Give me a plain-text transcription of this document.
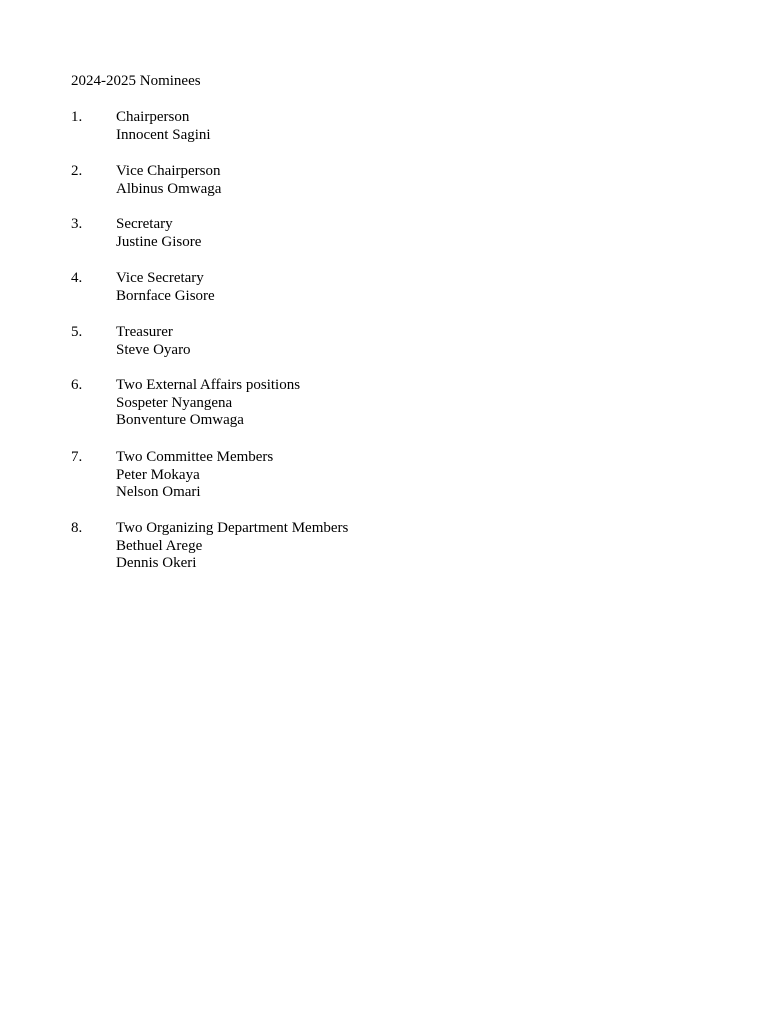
2024-2025 Nominees
1. Chairperson
Innocent Sagini
2. Vice Chairperson
Albinus Omwaga
3. Secretary
Justine Gisore
4. Vice Secretary
Bornface Gisore
5. Treasurer
Steve Oyaro
6. Two External Affairs positions
Sospeter Nyangena
Bonventure Omwaga
7. Two Committee Members
Peter Mokaya
Nelson Omari
8. Two Organizing Department Members
Bethuel Arege
Dennis Okeri
